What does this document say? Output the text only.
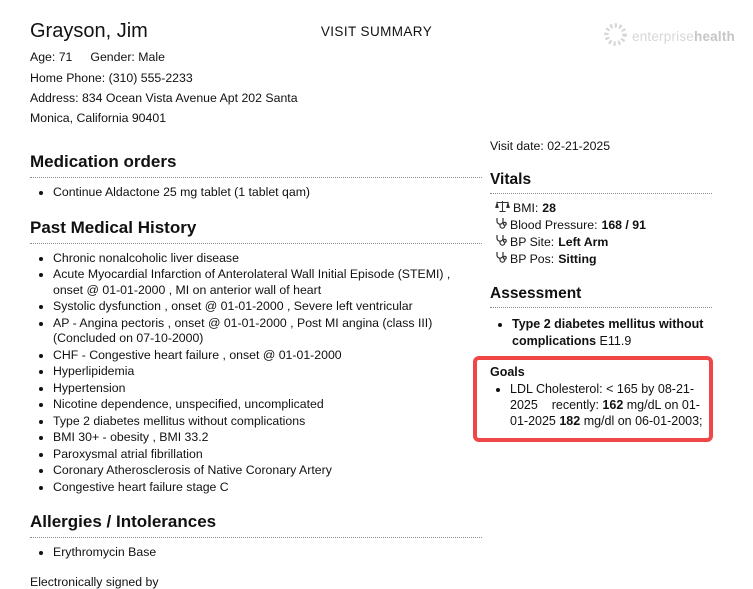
VISIT SUMMARY
Grayson, Jim
Age: 71 Gender: Male
Home Phone: (310) 555-2233
Address: 834 Ocean Vista Avenue Apt 202 Santa
Monica, California 90401
enterprisehealth
Medication orders
• Continue Aldactone 25 mg tablet (1 tablet qam)
Past Medical History
• Chronic nonalcoholic liver disease
• Acute Myocardial Infarction of Anterolateral Wall Initial Episode (STEMI) , onset @ 01-01-2000 , MI on anterior wall of heart
• Systolic dysfunction , onset @ 01-01-2000 , Severe left ventricular
• AP - Angina pectoris , onset @ 01-01-2000 , Post MI angina (class III) (Concluded on 07-10-2000)
• CHF - Congestive heart failure , onset @ 01-01-2000
• Hyperlipidemia
• Hypertension
• Nicotine dependence, unspecified, uncomplicated
• Type 2 diabetes mellitus without complications
• BMI 30+ - obesity , BMI 33.2
• Paroxysmal atrial fibrillation
• Coronary Atherosclerosis of Native Coronary Artery
• Congestive heart failure stage C
Allergies / Intolerances
• Erythromycin Base
Electronically signed by
Visit date: 02-21-2025
Vitals
BMI: 28
Blood Pressure: 168 / 91
BP Site: Left Arm
BP Pos: Sitting
Assessment
• Type 2 diabetes mellitus without complications E11.9
Goals
• LDL Cholesterol: < 165 by 08-21-2025    recently: 162 mg/dL on 01-01-2025 182 mg/dl on 06-01-2003;
